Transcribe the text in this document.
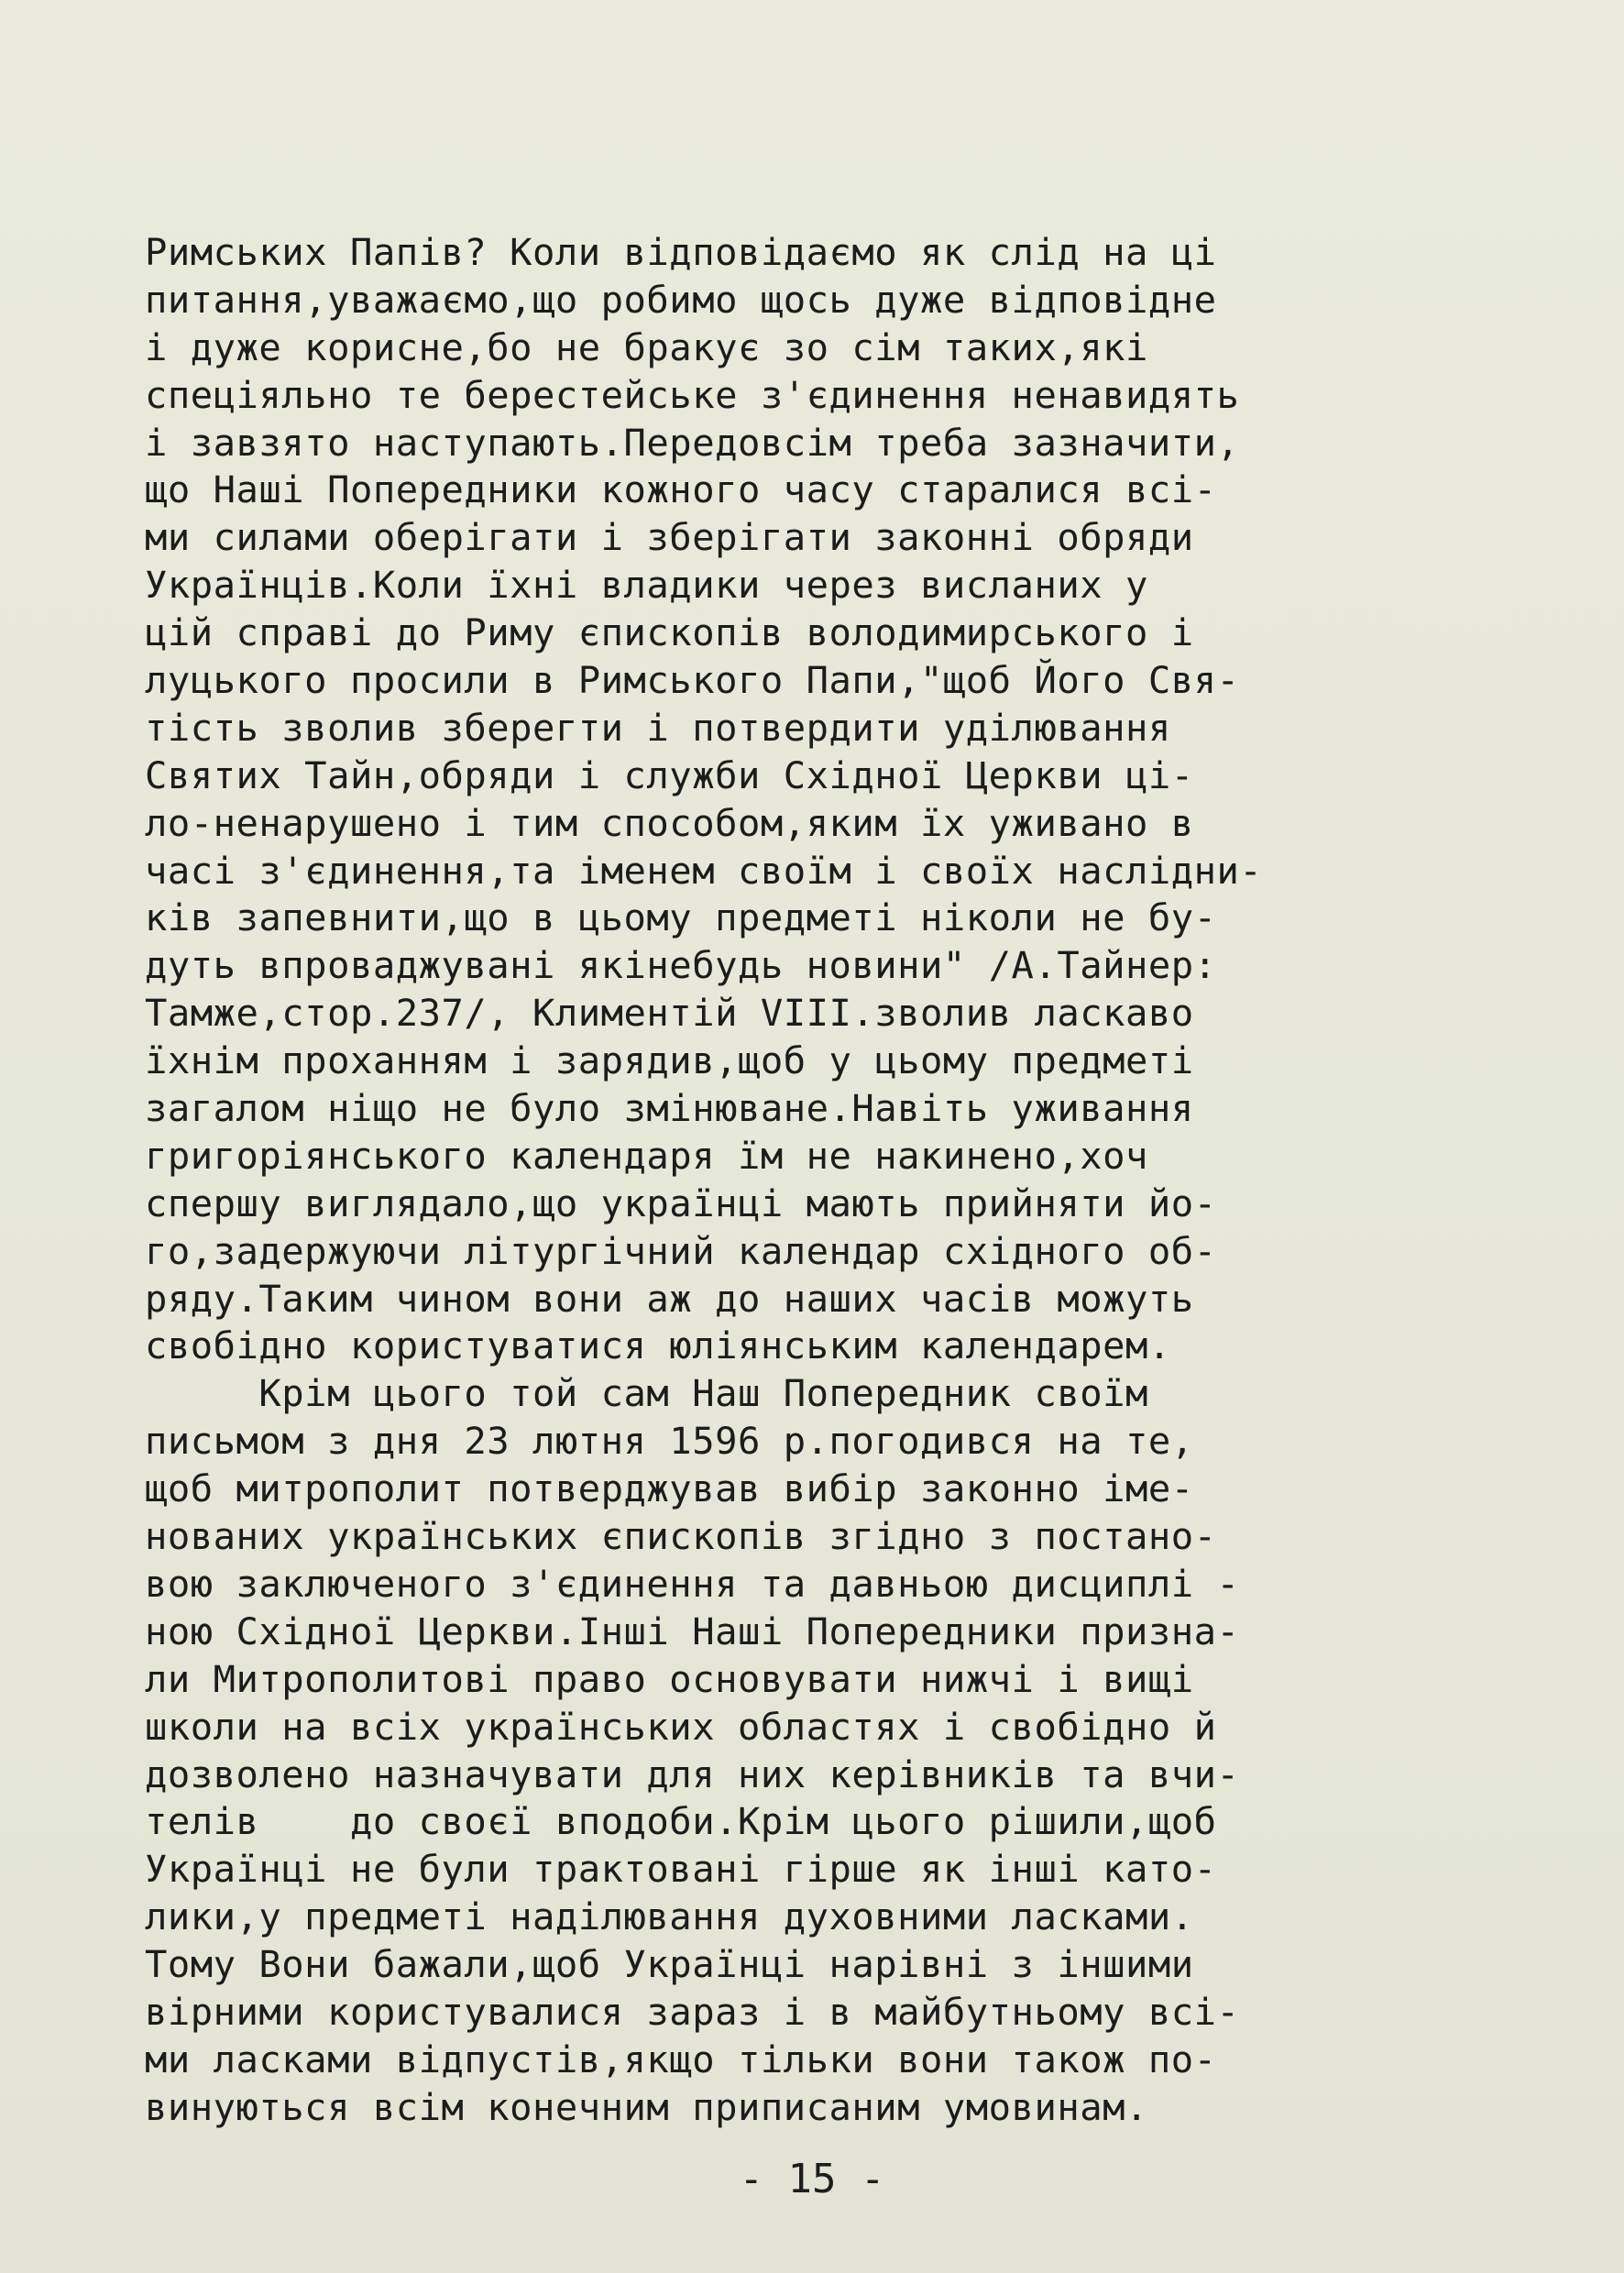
Римських Папів? Коли відповідаємо як слід на ці
питання,уважаємо,що робимо щось дуже відповідне
і дуже корисне,бо не бракує зо сім таких,які
спеціяльно те берестейське з'єдинення ненавидять
і завзято наступають.Передовсім треба зазначити,
що Наші Попередники кожного часу старалися всі-
ми силами оберігати і зберігати законні обряди
Українців.Коли їхні владики через висланих у
цій справі до Риму єпископів володимирського і
луцького просили в Римського Папи,"щоб Його Свя-
тість зволив зберегти і потвердити уділювання
Святих Тайн,обряди і служби Східної Церкви ці-
ло-ненарушено і тим способом,яким їх уживано в
часі з'єдинення,та іменем своїм і своїх наслідни-
ків запевнити,що в цьому предметі ніколи не бу-
дуть впроваджувані якінебудь новини" /А.Тайнер:
Тамже,стор.237/, Климентій VIII.зволив ласкаво
їхнім проханням і зарядив,щоб у цьому предметі
загалом ніщо не було змінюване.Навіть уживання
григоріянського календаря їм не накинено,хоч
спершу виглядало,що українці мають прийняти йо-
го,задержуючи літургічний календар східного об-
ряду.Таким чином вони аж до наших часів можуть
свобідно користуватися юліянським календарем.
Крім цього той сам Наш Попередник своїм
письмом з дня 23 лютня 1596 р.погодився на те,
щоб митрополит потверджував вибір законно іме-
нованих українських єпископів згідно з постано-
вою заключеного з'єдинення та давньою дисциплі -
ною Східної Церкви.Інші Наші Попередники призна-
ли Митрополитові право основувати нижчі і вищі
школи на всіх українських областях і свобідно й
дозволено назначувати для них керівників та вчи-
телів    до своєї вподоби.Крім цього рішили,щоб
Українці не були трактовані гірше як інші като-
лики,у предметі наділювання духовними ласками.
Тому Вони бажали,щоб Українці нарівні з іншими
вірними користувалися зараз і в майбутньому всі-
ми ласками відпустів,якщо тільки вони також по-
винуються всім конечним приписаним умовинам.
- 15 -
